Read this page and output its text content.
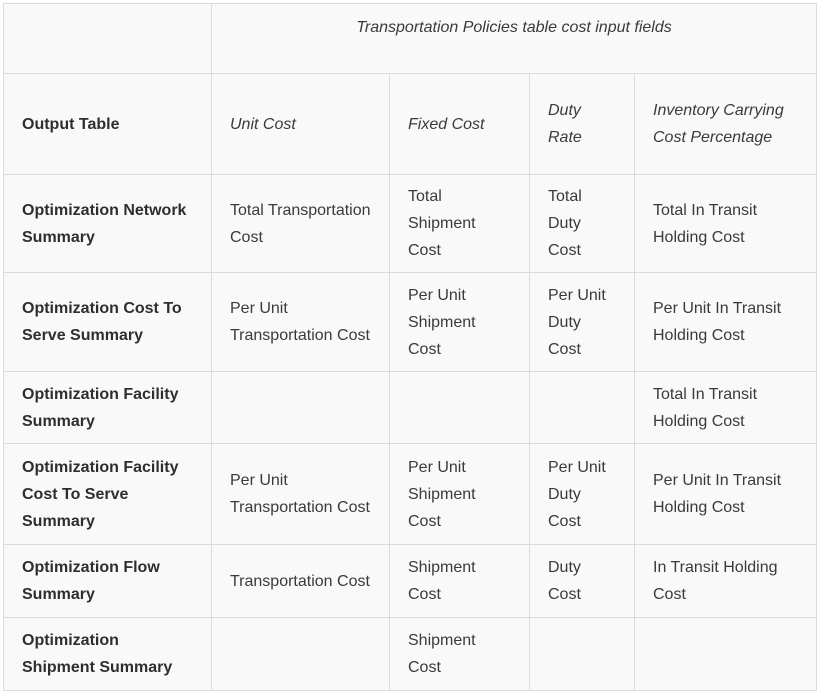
	Transportation Policies table cost input fields			
Output Table	Unit Cost	Fixed Cost	Duty Rate	Inventory Carrying Cost Percentage
Optimization Network Summary	Total Transportation Cost	Total Shipment Cost	Total Duty Cost	Total In Transit Holding Cost
Optimization Cost To Serve Summary	Per Unit Transportation Cost	Per Unit Shipment Cost	Per Unit Duty Cost	Per Unit In Transit Holding Cost
Optimization Facility Summary				Total In Transit Holding Cost
Optimization Facility Cost To Serve Summary	Per Unit Transportation Cost	Per Unit Shipment Cost	Per Unit Duty Cost	Per Unit In Transit Holding Cost
Optimization Flow Summary	Transportation Cost	Shipment Cost	Duty Cost	In Transit Holding Cost
Optimization Shipment Summary		Shipment Cost		
